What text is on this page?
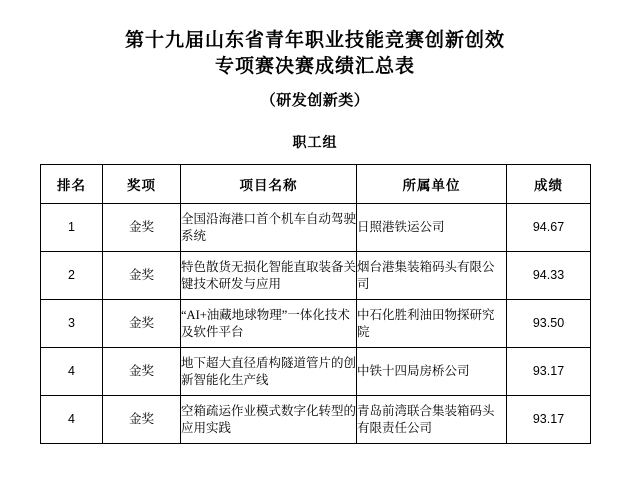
第十九届山东省青年职业技能竞赛创新创效
专项赛决赛成绩汇总表
（研发创新类）
职工组
排名	奖项	项目名称	所属单位	成绩
1	金奖	全国沿海港口首个机车自动驾驶系统	日照港铁运公司	94.67
2	金奖	特色散货无损化智能直取装备关键技术研发与应用	烟台港集装箱码头有限公司	94.33
3	金奖	“AI+油藏地球物理”一体化技术及软件平台	中石化胜利油田物探研究院	93.50
4	金奖	地下超大直径盾构隧道管片的创新智能化生产线	中铁十四局房桥公司	93.17
4	金奖	空箱疏运作业模式数字化转型的应用实践	青岛前湾联合集装箱码头有限责任公司	93.17
